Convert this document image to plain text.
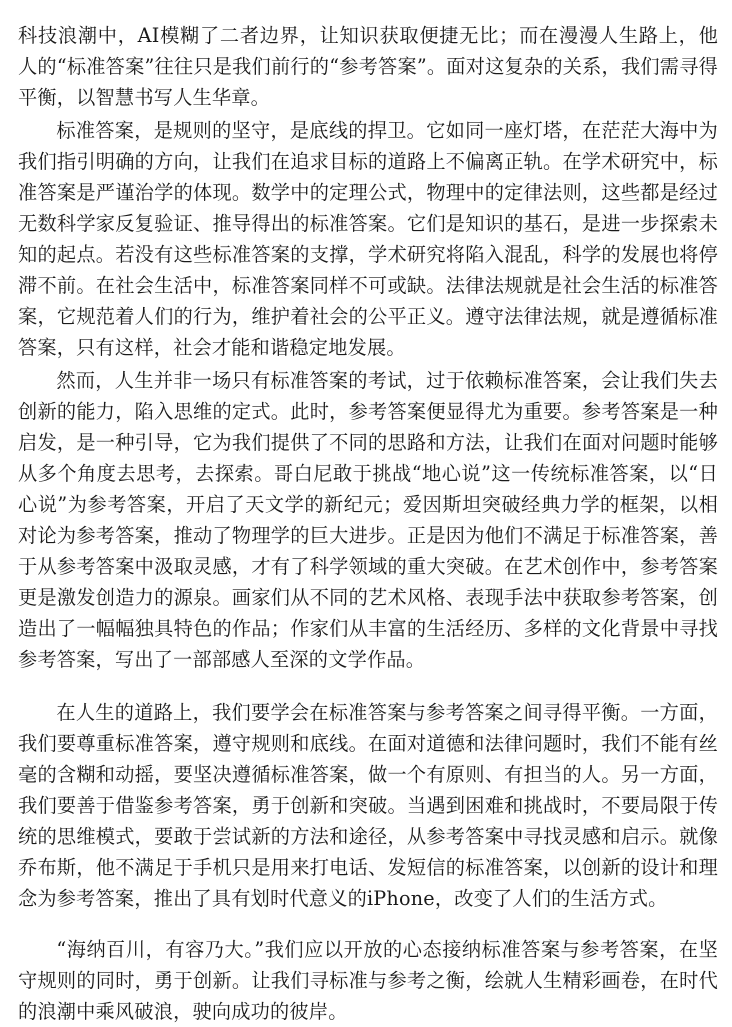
科技浪潮中，AI模糊了二者边界，让知识获取便捷无比；而在漫漫人生路上，他人的“标准答案”往往只是我们前行的“参考答案”。面对这复杂的关系，我们需寻得平衡，以智慧书写人生华章。

标准答案，是规则的坚守，是底线的捍卫。它如同一座灯塔，在茫茫大海中为我们指引明确的方向，让我们在追求目标的道路上不偏离正轨。在学术研究中，标准答案是严谨治学的体现。数学中的定理公式，物理中的定律法则，这些都是经过无数科学家反复验证、推导得出的标准答案。它们是知识的基石，是进一步探索未知的起点。若没有这些标准答案的支撑，学术研究将陷入混乱，科学的发展也将停滞不前。在社会生活中，标准答案同样不可或缺。法律法规就是社会生活的标准答案，它规范着人们的行为，维护着社会的公平正义。遵守法律法规，就是遵循标准答案，只有这样，社会才能和谐稳定地发展。

然而，人生并非一场只有标准答案的考试，过于依赖标准答案，会让我们失去创新的能力，陷入思维的定式。此时，参考答案便显得尤为重要。参考答案是一种启发，是一种引导，它为我们提供了不同的思路和方法，让我们在面对问题时能够从多个角度去思考，去探索。哥白尼敢于挑战“地心说”这一传统标准答案，以“日心说”为参考答案，开启了天文学的新纪元；爱因斯坦突破经典力学的框架，以相对论为参考答案，推动了物理学的巨大进步。正是因为他们不满足于标准答案，善于从参考答案中汲取灵感，才有了科学领域的重大突破。在艺术创作中，参考答案更是激发创造力的源泉。画家们从不同的艺术风格、表现手法中获取参考答案，创造出了一幅幅独具特色的作品；作家们从丰富的生活经历、多样的文化背景中寻找参考答案，写出了一部部感人至深的文学作品。

在人生的道路上，我们要学会在标准答案与参考答案之间寻得平衡。一方面，我们要尊重标准答案，遵守规则和底线。在面对道德和法律问题时，我们不能有丝毫的含糊和动摇，要坚决遵循标准答案，做一个有原则、有担当的人。另一方面，我们要善于借鉴参考答案，勇于创新和突破。当遇到困难和挑战时，不要局限于传统的思维模式，要敢于尝试新的方法和途径，从参考答案中寻找灵感和启示。就像乔布斯，他不满足于手机只是用来打电话、发短信的标准答案，以创新的设计和理念为参考答案，推出了具有划时代意义的iPhone，改变了人们的生活方式。

“海纳百川，有容乃大。”我们应以开放的心态接纳标准答案与参考答案，在坚守规则的同时，勇于创新。让我们寻标准与参考之衡，绘就人生精彩画卷，在时代的浪潮中乘风破浪，驶向成功的彼岸。
